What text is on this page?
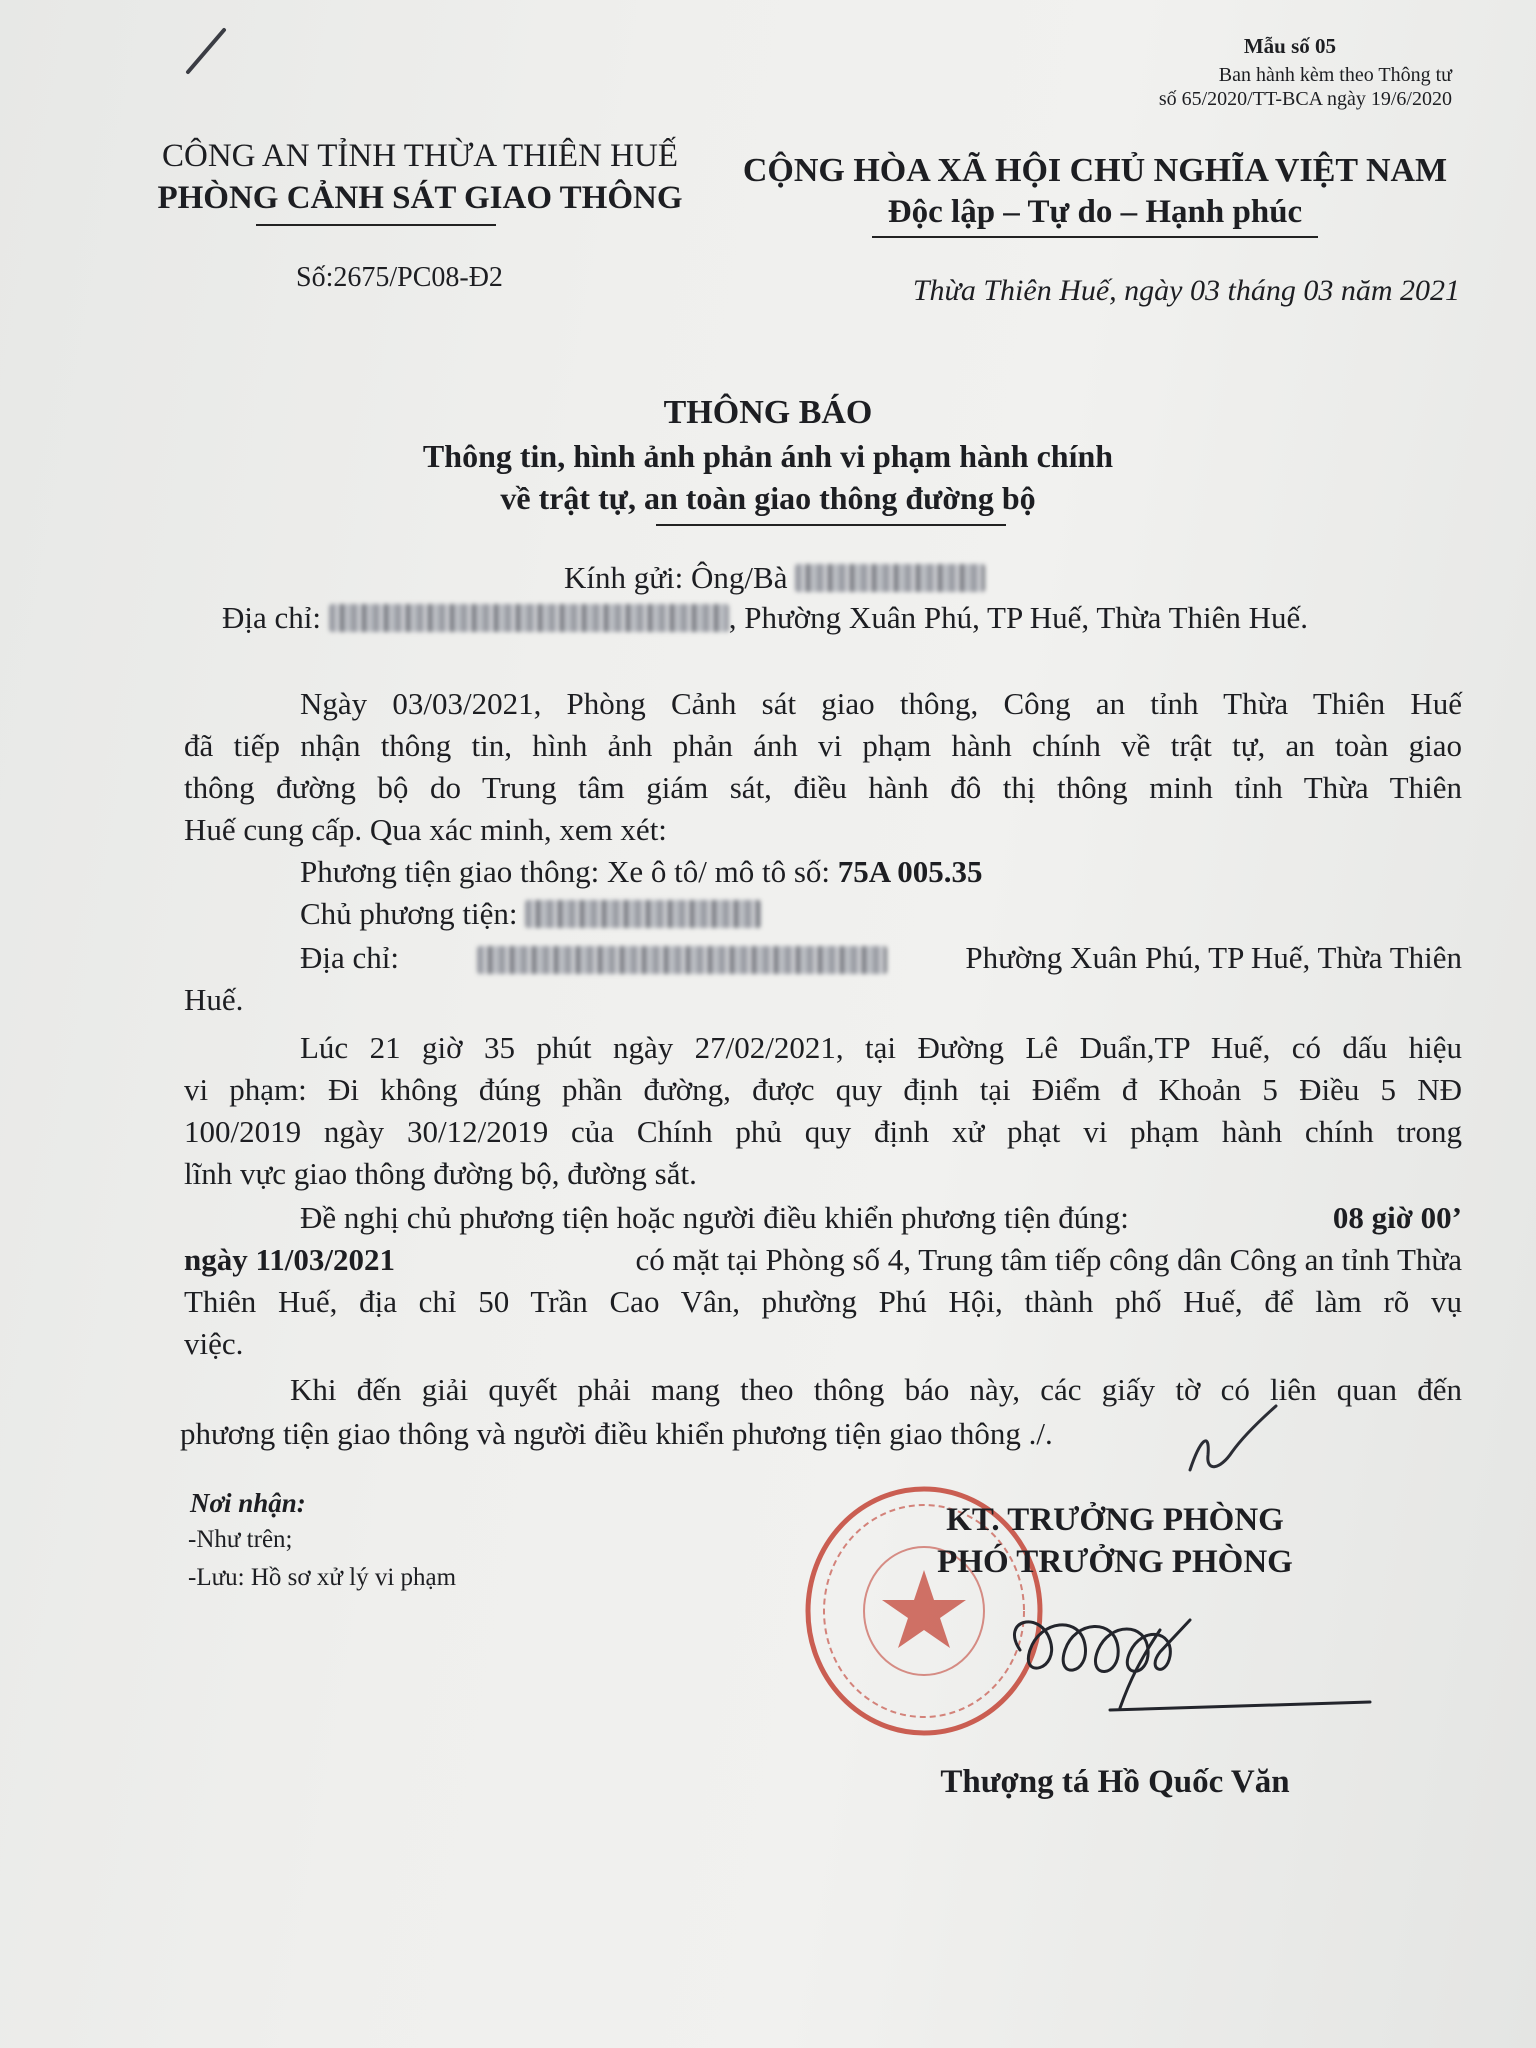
Mẫu số 05
Ban hành kèm theo Thông tư
số 65/2020/TT-BCA ngày 19/6/2020
CÔNG AN TỈNH THỪA THIÊN HUẾ
PHÒNG CẢNH SÁT GIAO THÔNG
Số:2675/PC08-Đ2
CỘNG HÒA XÃ HỘI CHỦ NGHĨA VIỆT NAM
Độc lập – Tự do – Hạnh phúc
Thừa Thiên Huế, ngày 03 tháng 03 năm 2021
THÔNG BÁO
Thông tin, hình ảnh phản ánh vi phạm hành chính
về trật tự, an toàn giao thông đường bộ
Kính gửi: Ông/Bà
Địa chỉ:	, Phường Xuân Phú, TP Huế, Thừa Thiên Huế.
Ngày 03/03/2021, Phòng Cảnh sát giao thông, Công an tỉnh Thừa Thiên Huế
đã tiếp nhận thông tin, hình ảnh phản ánh vi phạm hành chính về trật tự, an toàn giao
thông đường bộ do Trung tâm giám sát, điều hành đô thị thông minh tỉnh Thừa Thiên
Huế cung cấp. Qua xác minh, xem xét:
Phương tiện giao thông: Xe ô tô/ mô tô số: 75A 005.35
Chủ phương tiện:
Địa chỉ:	Phường Xuân Phú, TP Huế, Thừa Thiên
Huế.
Lúc 21 giờ 35 phút ngày 27/02/2021, tại Đường Lê Duẩn,TP Huế, có dấu hiệu
vi phạm: Đi không đúng phần đường, được quy định tại Điểm đ Khoản 5 Điều 5 NĐ
100/2019 ngày 30/12/2019 của Chính phủ quy định xử phạt vi phạm hành chính trong
lĩnh vực giao thông đường bộ, đường sắt.
Đề nghị chủ phương tiện hoặc người điều khiển phương tiện đúng:	08 giờ 00’
ngày 11/03/2021	có mặt tại Phòng số 4, Trung tâm tiếp công dân Công an tỉnh Thừa
Thiên Huế, địa chỉ 50 Trần Cao Vân, phường Phú Hội, thành phố Huế, để làm rõ vụ
việc.
Khi đến giải quyết phải mang theo thông báo này, các giấy tờ có liên quan đến
phương tiện giao thông và người điều khiển phương tiện giao thông ./.
Nơi nhận:
-Như trên;
-Lưu: Hồ sơ xử lý vi phạm
KT. TRƯỞNG PHÒNG
PHÓ TRƯỞNG PHÒNG
Thượng tá Hồ Quốc Văn
